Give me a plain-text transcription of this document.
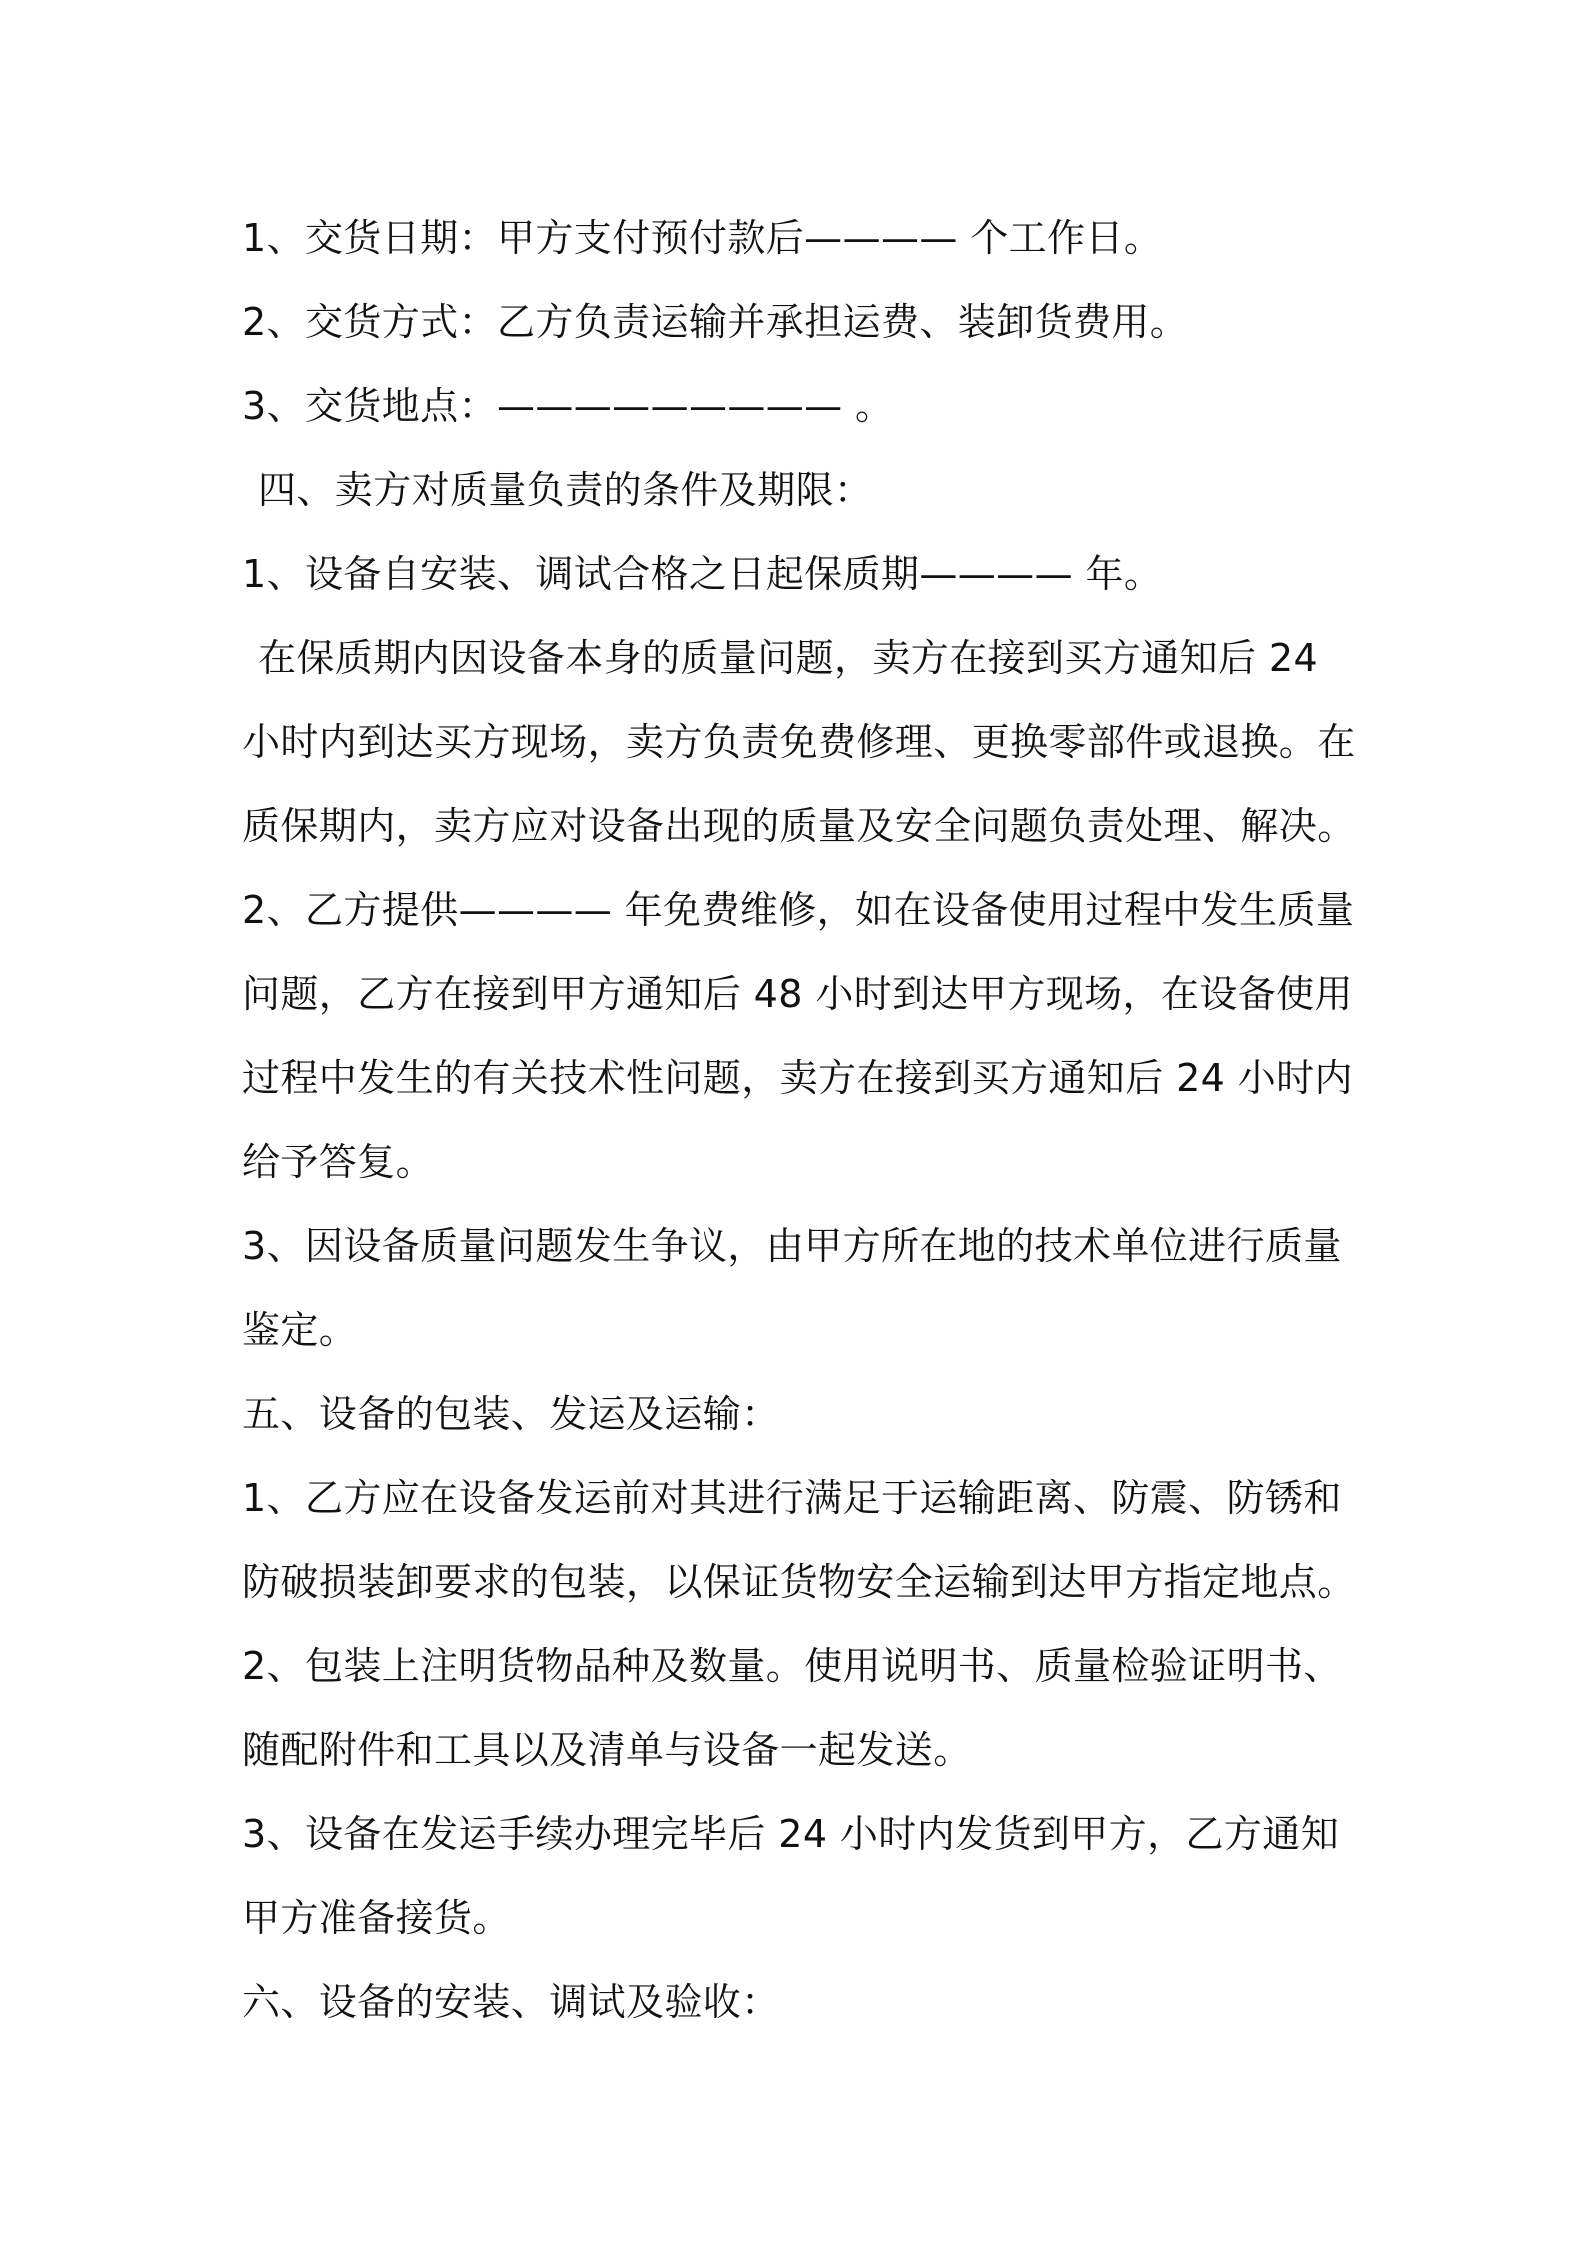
1、交货日期：甲方支付预付款后———— 个工作日。

2、交货方式：乙方负责运输并承担运费、装卸货费用。

3、交货地点：————————— 。

四、卖方对质量负责的条件及期限：

1、设备自安装、调试合格之日起保质期———— 年。

在保质期内因设备本身的质量问题，卖方在接到买方通知后 24 小时内到达买方现场，卖方负责免费修理、更换零部件或退换。在质保期内，卖方应对设备出现的质量及安全问题负责处理、解决。

2、乙方提供———— 年免费维修，如在设备使用过程中发生质量问题，乙方在接到甲方通知后 48 小时到达甲方现场，在设备使用过程中发生的有关技术性问题，卖方在接到买方通知后 24 小时内给予答复。

3、因设备质量问题发生争议，由甲方所在地的技术单位进行质量鉴定。

五、设备的包装、发运及运输：

1、乙方应在设备发运前对其进行满足于运输距离、防震、防锈和防破损装卸要求的包装，以保证货物安全运输到达甲方指定地点。

2、包装上注明货物品种及数量。使用说明书、质量检验证明书、随配附件和工具以及清单与设备一起发送。

3、设备在发运手续办理完毕后 24 小时内发货到甲方，乙方通知甲方准备接货。

六、设备的安装、调试及验收：
